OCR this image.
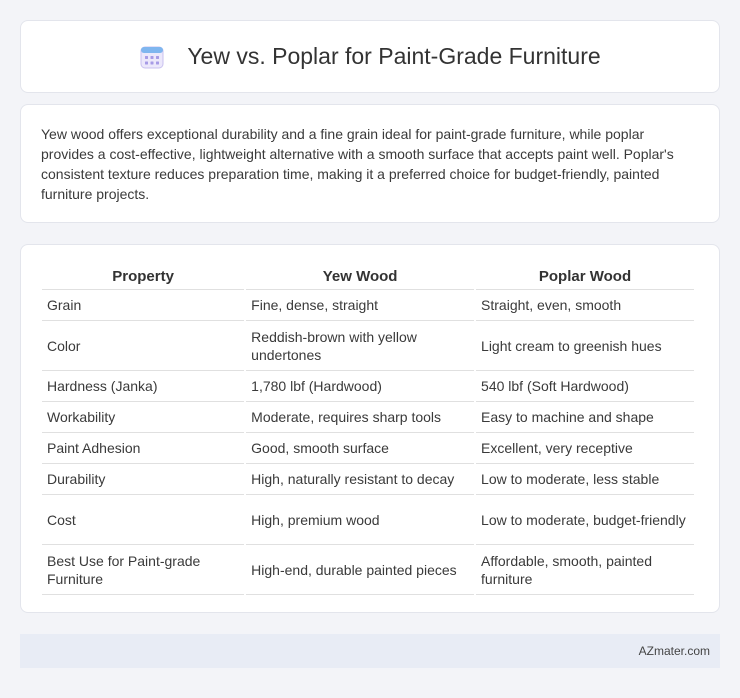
Yew vs. Poplar for Paint-Grade Furniture

Yew wood offers exceptional durability and a fine grain ideal for paint-grade furniture, while poplar provides a cost-effective, lightweight alternative with a smooth surface that accepts paint well. Poplar's consistent texture reduces preparation time, making it a preferred choice for budget-friendly, painted furniture projects.

Property	Yew Wood	Poplar Wood
Grain	Fine, dense, straight	Straight, even, smooth
Color	Reddish-brown with yellow undertones	Light cream to greenish hues
Hardness (Janka)	1,780 lbf (Hardwood)	540 lbf (Soft Hardwood)
Workability	Moderate, requires sharp tools	Easy to machine and shape
Paint Adhesion	Good, smooth surface	Excellent, very receptive
Durability	High, naturally resistant to decay	Low to moderate, less stable
Cost	High, premium wood	Low to moderate, budget-friendly
Best Use for Paint-grade Furniture	High-end, durable painted pieces	Affordable, smooth, painted furniture
AZmater.com
